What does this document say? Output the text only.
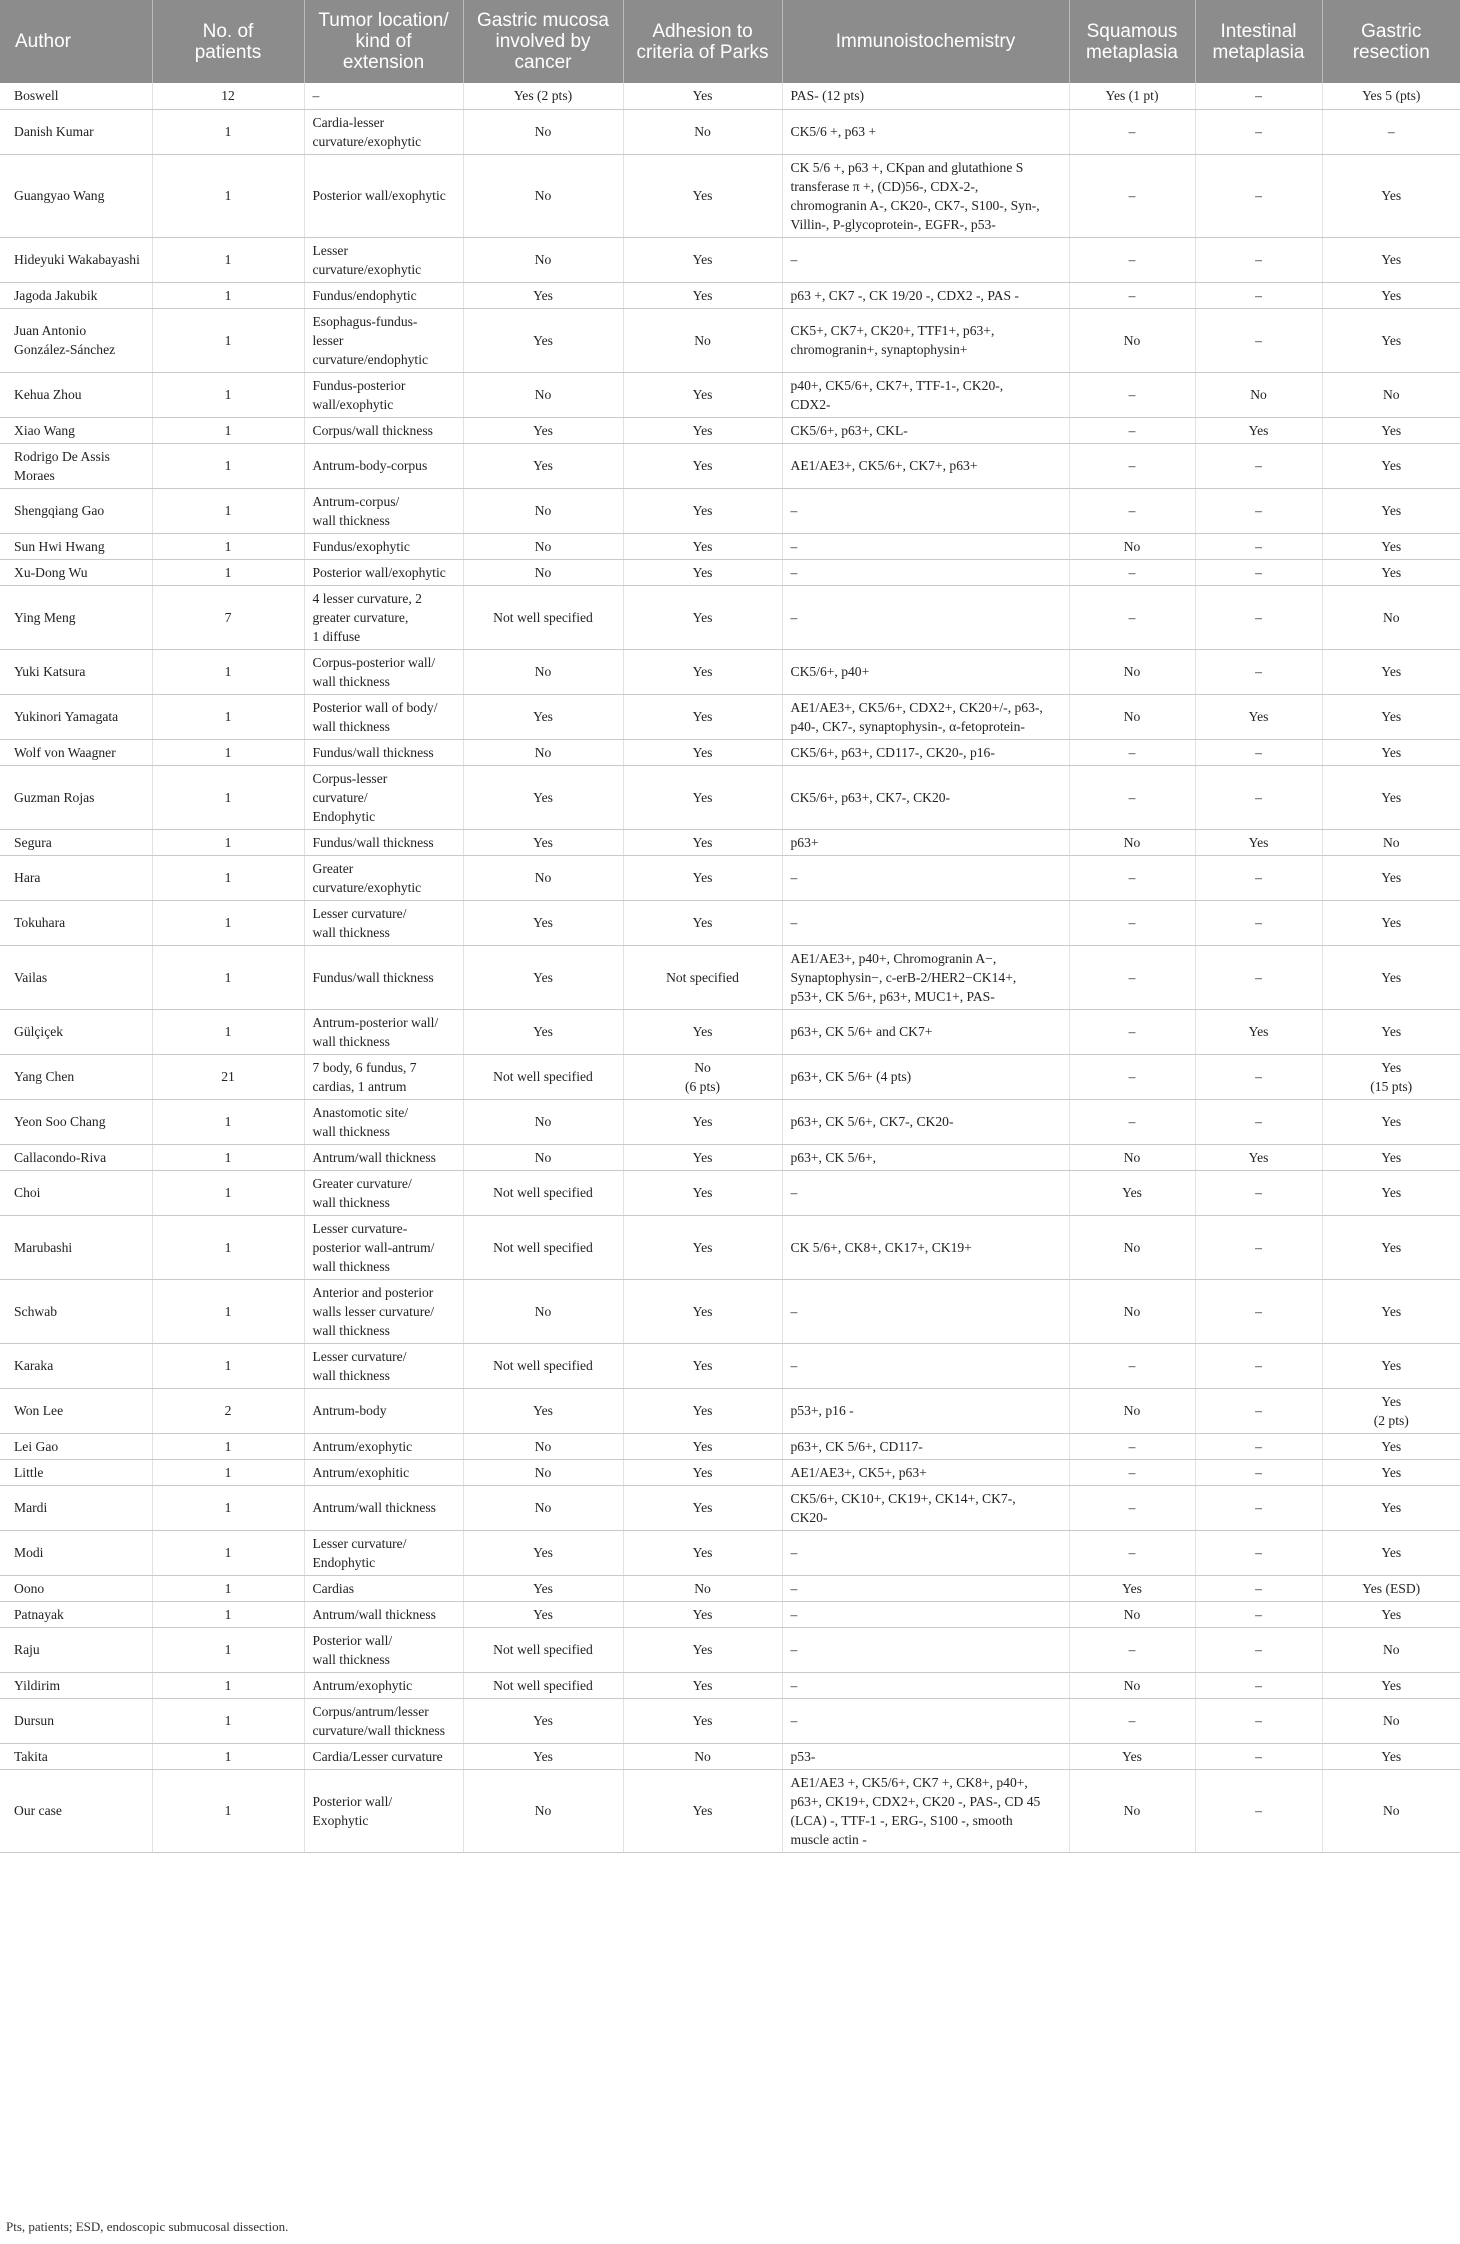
Author	No. of
patients	Tumor location/
kind of
extension	Gastric mucosa
involved by
cancer	Adhesion to
criteria of Parks	Immunoistochemistry	Squamous
metaplasia	Intestinal
metaplasia	Gastric
resection
Boswell	12	–	Yes (2 pts)	Yes	PAS- (12 pts)	Yes (1 pt)	–	Yes 5 (pts)
Danish Kumar	1	Cardia-lesser
curvature/exophytic	No	No	CK5/6 +, p63 +	–	–	–
Guangyao Wang	1	Posterior wall/exophytic	No	Yes	CK 5/6 +, p63 +, CKpan and glutathione S
transferase π +, (CD)56-, CDX-2-,
chromogranin A-, CK20-, CK7-, S100-, Syn-,
Villin-, P-glycoprotein-, EGFR-, p53-	–	–	Yes
Hideyuki Wakabayashi	1	Lesser
curvature/exophytic	No	Yes	–	–	–	Yes
Jagoda Jakubik	1	Fundus/endophytic	Yes	Yes	p63 +, CK7 -, CK 19/20 -, CDX2 -, PAS -	–	–	Yes
Juan Antonio
González-Sánchez	1	Esophagus-fundus-
lesser
curvature/endophytic	Yes	No	CK5+, CK7+, CK20+, TTF1+, p63+,
chromogranin+, synaptophysin+	No	–	Yes
Kehua Zhou	1	Fundus-posterior
wall/exophytic	No	Yes	p40+, CK5/6+, CK7+, TTF-1-, CK20-,
CDX2-	–	No	No
Xiao Wang	1	Corpus/wall thickness	Yes	Yes	CK5/6+, p63+, CKL-	–	Yes	Yes
Rodrigo De Assis Moraes	1	Antrum-body-corpus	Yes	Yes	AE1/AE3+, CK5/6+, CK7+, p63+	–	–	Yes
Shengqiang Gao	1	Antrum-corpus/
wall thickness	No	Yes	–	–	–	Yes
Sun Hwi Hwang	1	Fundus/exophytic	No	Yes	–	No	–	Yes
Xu-Dong Wu	1	Posterior wall/exophytic	No	Yes	–	–	–	Yes
Ying Meng	7	4 lesser curvature, 2
greater curvature,
1 diffuse	Not well specified	Yes	–	–	–	No
Yuki Katsura	1	Corpus-posterior wall/
wall thickness	No	Yes	CK5/6+, p40+	No	–	Yes
Yukinori Yamagata	1	Posterior wall of body/
wall thickness	Yes	Yes	AE1/AE3+, CK5/6+, CDX2+, CK20+/-, p63-,
p40-, CK7-, synaptophysin-, α-fetoprotein-	No	Yes	Yes
Wolf von Waagner	1	Fundus/wall thickness	No	Yes	CK5/6+, p63+, CD117-, CK20-, p16-	–	–	Yes
Guzman Rojas	1	Corpus-lesser
curvature/
Endophytic	Yes	Yes	CK5/6+, p63+, CK7-, CK20-	–	–	Yes
Segura	1	Fundus/wall thickness	Yes	Yes	p63+	No	Yes	No
Hara	1	Greater
curvature/exophytic	No	Yes	–	–	–	Yes
Tokuhara	1	Lesser curvature/
wall thickness	Yes	Yes	–	–	–	Yes
Vailas	1	Fundus/wall thickness	Yes	Not specified	AE1/AE3+, p40+, Chromogranin A−,
Synaptophysin−, c-erB-2/HER2−CK14+,
p53+, CK 5/6+, p63+, MUC1+, PAS-	–	–	Yes
Gülçiçek	1	Antrum-posterior wall/
wall thickness	Yes	Yes	p63+, CK 5/6+ and CK7+	–	Yes	Yes
Yang Chen	21	7 body, 6 fundus, 7
cardias, 1 antrum	Not well specified	No
(6 pts)	p63+, CK 5/6+ (4 pts)	–	–	Yes
(15 pts)
Yeon Soo Chang	1	Anastomotic site/
wall thickness	No	Yes	p63+, CK 5/6+, CK7-, CK20-	–	–	Yes
Callacondo-Riva	1	Antrum/wall thickness	No	Yes	p63+, CK 5/6+,	No	Yes	Yes
Choi	1	Greater curvature/
wall thickness	Not well specified	Yes	–	Yes	–	Yes
Marubashi	1	Lesser curvature-
posterior wall-antrum/
wall thickness	Not well specified	Yes	CK 5/6+, CK8+, CK17+, CK19+	No	–	Yes
Schwab	1	Anterior and posterior
walls lesser curvature/
wall thickness	No	Yes	–	No	–	Yes
Karaka	1	Lesser curvature/
wall thickness	Not well specified	Yes	–	–	–	Yes
Won Lee	2	Antrum-body	Yes	Yes	p53+, p16 -	No	–	Yes
(2 pts)
Lei Gao	1	Antrum/exophytic	No	Yes	p63+, CK 5/6+, CD117-	–	–	Yes
Little	1	Antrum/exophitic	No	Yes	AE1/AE3+, CK5+, p63+	–	–	Yes
Mardi	1	Antrum/wall thickness	No	Yes	CK5/6+, CK10+, CK19+, CK14+, CK7-,
CK20-	–	–	Yes
Modi	1	Lesser curvature/
Endophytic	Yes	Yes	–	–	–	Yes
Oono	1	Cardias	Yes	No	–	Yes	–	Yes (ESD)
Patnayak	1	Antrum/wall thickness	Yes	Yes	–	No	–	Yes
Raju	1	Posterior wall/
wall thickness	Not well specified	Yes	–	–	–	No
Yildirim	1	Antrum/exophytic	Not well specified	Yes	–	No	–	Yes
Dursun	1	Corpus/antrum/lesser
curvature/wall thickness	Yes	Yes	–	–	–	No
Takita	1	Cardia/Lesser curvature	Yes	No	p53-	Yes	–	Yes
Our case	1	Posterior wall/
Exophytic	No	Yes	AE1/AE3 +, CK5/6+, CK7 +, CK8+, p40+,
p63+, CK19+, CDX2+, CK20 -, PAS-, CD 45
(LCA) -, TTF-1 -, ERG-, S100 -, smooth
muscle actin -	No	–	No
Pts, patients; ESD, endoscopic submucosal dissection.
